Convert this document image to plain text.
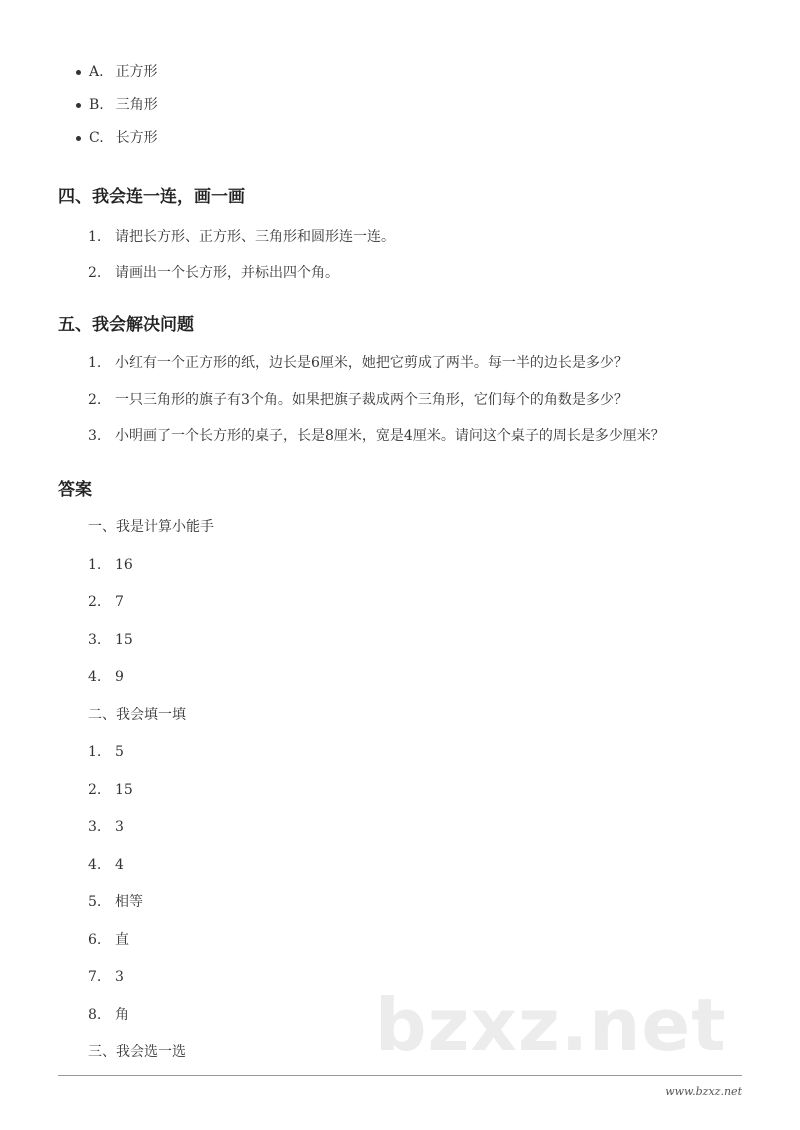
bzxz.net
A. 正方形
B. 三角形
C. 长方形
四、我会连一连，画一画
1. 请把长方形、正方形、三角形和圆形连一连。
2. 请画出一个长方形，并标出四个角。
五、我会解决问题
1. 小红有一个正方形的纸，边长是6厘米，她把它剪成了两半。每一半的边长是多少？
2. 一只三角形的旗子有3个角。如果把旗子裁成两个三角形，它们每个的角数是多少？
3. 小明画了一个长方形的桌子，长是8厘米，宽是4厘米。请问这个桌子的周长是多少厘米？
答案
一、我是计算小能手
1. 16
2. 7
3. 15
4. 9
二、我会填一填
1. 5
2. 15
3. 3
4. 4
5. 相等
6. 直
7. 3
8. 角
三、我会选一选
www.bzxz.net
